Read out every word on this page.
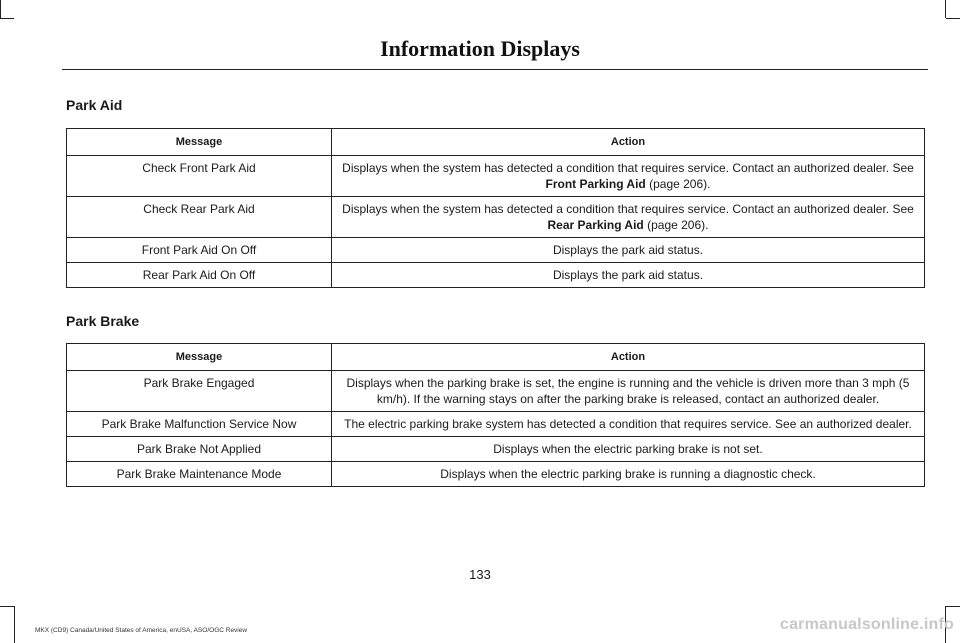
Information Displays
Park Aid
Message	Action
Check Front Park Aid	Displays when the system has detected a condition that requires service. Contact an authorized dealer. See Front Parking Aid (page 206).
Check Rear Park Aid	Displays when the system has detected a condition that requires service. Contact an authorized dealer. See Rear Parking Aid (page 206).
Front Park Aid On Off	Displays the park aid status.
Rear Park Aid On Off	Displays the park aid status.
Park Brake
Message	Action
Park Brake Engaged	Displays when the parking brake is set, the engine is running and the vehicle is driven more than 3 mph (5 km/h). If the warning stays on after the parking brake is released, contact an authorized dealer.
Park Brake Malfunction Service Now	The electric parking brake system has detected a condition that requires service. See an authorized dealer.
Park Brake Not Applied	Displays when the electric parking brake is not set.
Park Brake Maintenance Mode	Displays when the electric parking brake is running a diagnostic check.
133
MKX (CD9) Canada/United States of America, enUSA, ASO/OGC Review	carmanualsonline.info
